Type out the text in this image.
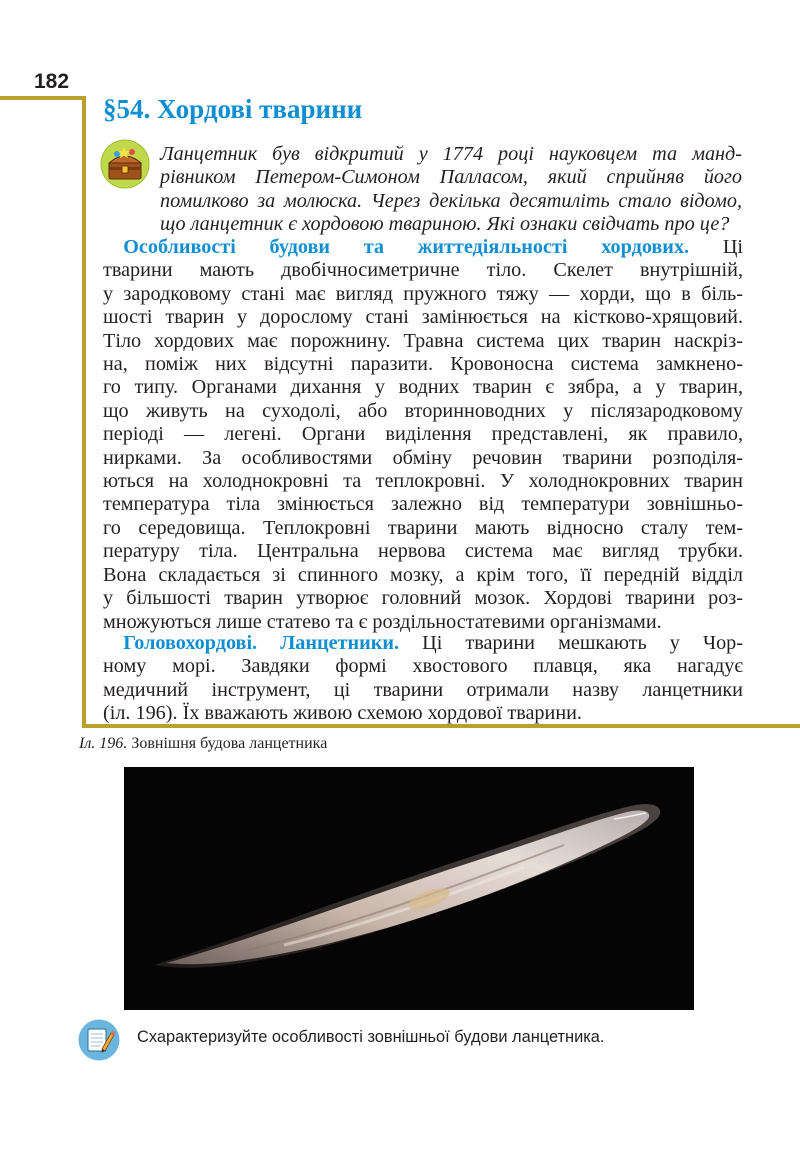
182
§54. Хордові тварини
Ланцетник був відкритий у 1774 році науковцем та манд-
рівником Петером-Симоном Палласом, який сприйняв його
помилково за молюска. Через декілька десятиліть стало відомо,
що ланцетник є хордовою твариною. Які ознаки свідчать про це?
 Особливості будови та життедіяльності хордових. Ці
тварини мають двобічносиметричне тіло. Скелет внутрішній,
у зародковому стані має вигляд пружного тяжу — хорди, що в біль-
шості тварин у дорослому стані замінюється на кістково-хрящовий.
Тіло хордових має порожнину. Травна система цих тварин наскріз-
на, поміж них відсутні паразити. Кровоносна система замкнено-
го типу. Органами дихання у водних тварин є зябра, а у тварин,
що живуть на суходолі, або вторинноводних у післязародковому
періоді — легені. Органи виділення представлені, як правило,
нирками. За особливостями обміну речовин тварини розподіля-
ються на холоднокровні та теплокровні. У холоднокровних тварин
температура тіла змінюється залежно від температури зовнішньо-
го середовища. Теплокровні тварини мають відносно сталу тем-
пературу тіла. Центральна нервова система має вигляд трубки.
Вона складається зі спинного мозку, а крім того, її передній відділ
у більшості тварин утворює головний мозок. Хордові тварини роз-
множуються лише статево та є роздільностатевими організмами.
 Головохордові. Ланцетники. Ці тварини мешкають у Чор-
ному морі. Завдяки формі хвостового плавця, яка нагадує
медичний інструмент, ці тварини отримали назву ланцетники
(іл. 196). Їх вважають живою схемою хордової тварини.
Іл. 196. Зовнішня будова ланцетника
Схарактеризуйте особливості зовнішньої будови ланцетника.
